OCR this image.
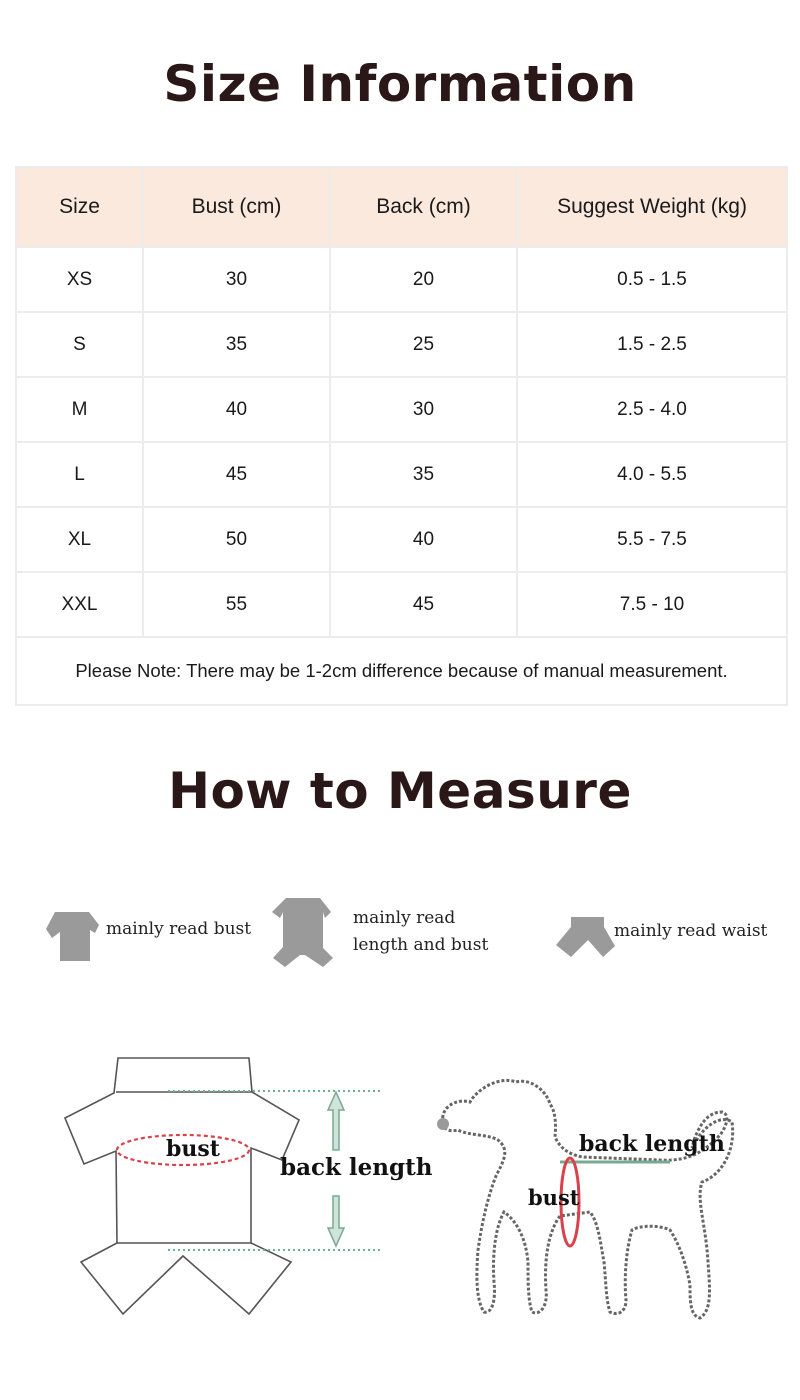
Size Information
Size	Bust (cm)	Back (cm)	Suggest Weight (kg)
XS	30	20	0.5 - 1.5
S	35	25	1.5 - 2.5
M	40	30	2.5 - 4.0
L	45	35	4.0 - 5.5
XL	50	40	5.5 - 7.5
XXL	55	45	7.5 - 10
Please Note: There may be 1-2cm difference because of manual measurement.			
How to Measure
mainly read bust
mainly read
length and bust
mainly read waist
bust
back length
back length
bust
